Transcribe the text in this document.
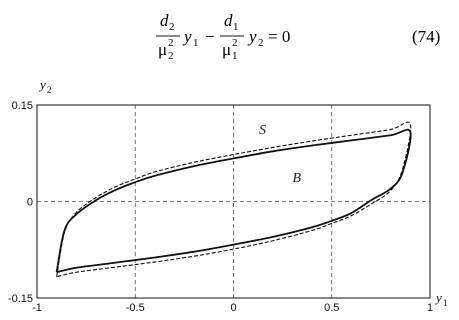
d 2
μ 2
2 y 1 −
d 1
μ 1
2 y 2 = 0	(74)
-1	-0.5	0	0.5	1
-0.15
0
0.15
y 2
y 1
S
B
